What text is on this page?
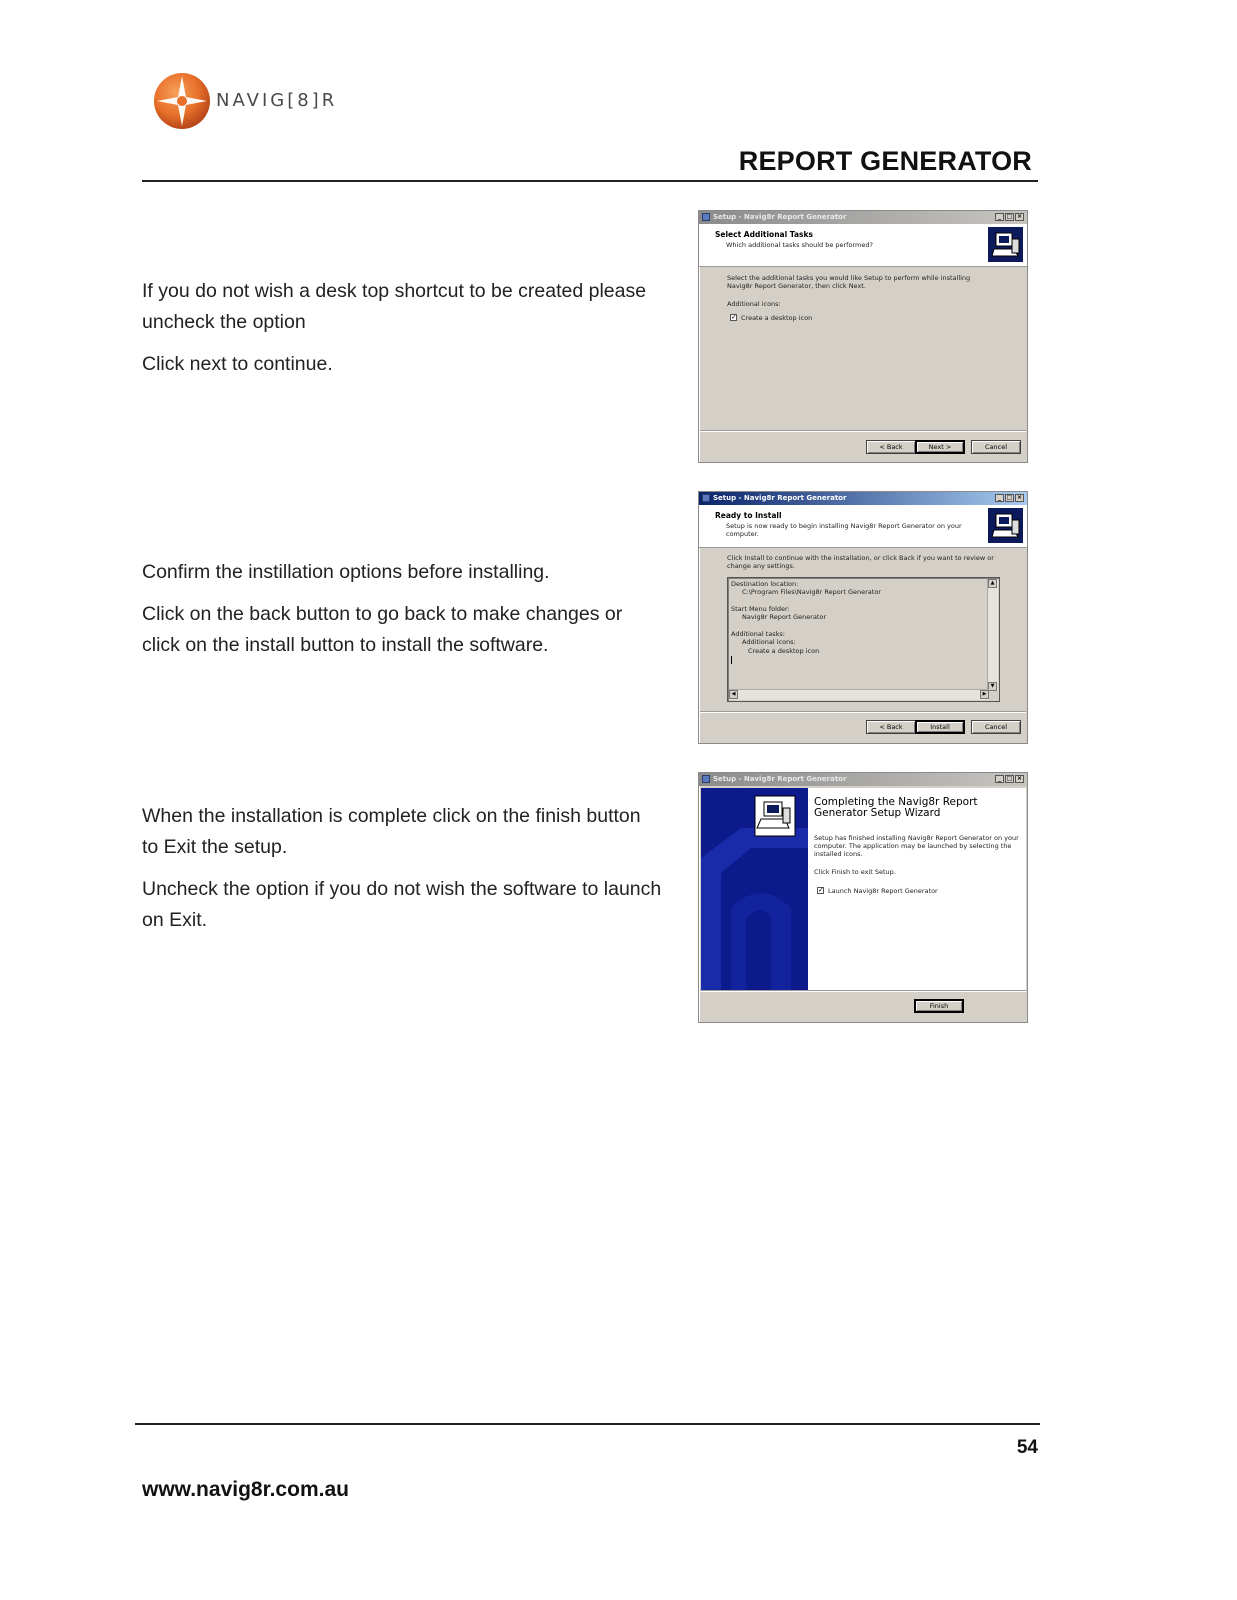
NAVIG[8]R
REPORT GENERATOR

If you do not wish a desk top shortcut to be created please uncheck the option

Click next to continue.

Setup - Navig8r Report Generator	_ □ ×
Select Additional Tasks
Which additional tasks should be performed?
Select the additional tasks you would like Setup to perform while installing Navig8r Report Generator, then click Next.
Additional icons:
✓ Create a desktop icon
< Back	Next >	Cancel

Confirm the instillation options before installing.

Click on the back button to go back to make changes or click on the install button to install the software.

Setup - Navig8r Report Generator	_ □ ×
Ready to Install
Setup is now ready to begin installing Navig8r Report Generator on your computer.
Click Install to continue with the installation, or click Back if you want to review or change any settings.
Destination location:
C:\Program Files\Navig8r Report Generator
Start Menu folder:
Navig8r Report Generator
Additional tasks:
Additional icons:
Create a desktop icon
▲
▼
◀	▶
< Back	Install	Cancel

When the installation is complete click on the finish button to Exit the setup.

Uncheck the option if you do not wish the software to launch on Exit.

Setup - Navig8r Report Generator	_ □ ×
Completing the Navig8r Report Generator Setup Wizard
Setup has finished installing Navig8r Report Generator on your computer. The application may be launched by selecting the installed icons.
Click Finish to exit Setup.
✓ Launch Navig8r Report Generator
Finish
54
www.navig8r.com.au
